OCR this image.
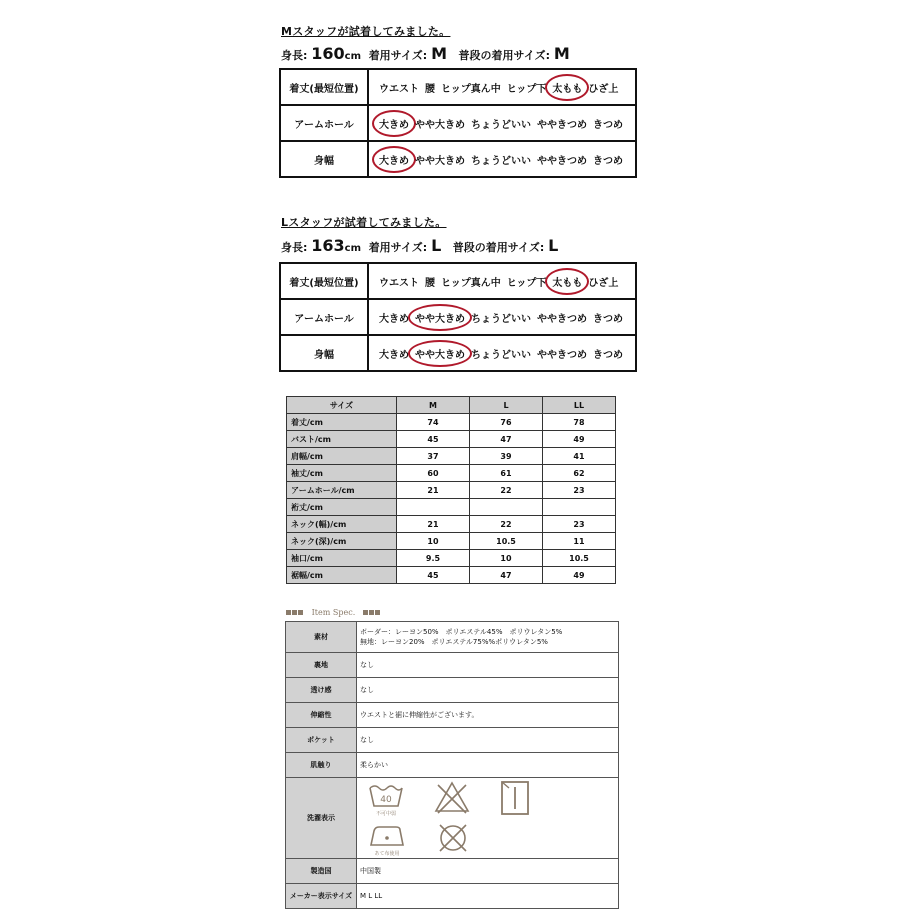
Mスタッフが試着してみました。
身長: 160cm 着用サイズ: M 普段の着用サイズ: M
着丈(最短位置)	ウエスト 腰 ヒップ真ん中 ヒップ下 太もも ひざ上
アームホール	大きめ やや大きめ ちょうどいい ややきつめ きつめ
身幅	大きめ やや大きめ ちょうどいい ややきつめ きつめ
Lスタッフが試着してみました。
身長: 163cm 着用サイズ: L 普段の着用サイズ: L
着丈(最短位置)	ウエスト 腰 ヒップ真ん中 ヒップ下 太もも ひざ上
アームホール	大きめ やや大きめ ちょうどいい ややきつめ きつめ
身幅	大きめ やや大きめ ちょうどいい ややきつめ きつめ
サイズ	M	L	LL
着丈/cm	74	76	78
バスト/cm	45	47	49
肩幅/cm	37	39	41
袖丈/cm	60	61	62
アームホール/cm	21	22	23
裄丈/cm			
ネック(幅)/cm	21	22	23
ネック(深)/cm	10	10.5	11
袖口/cm	9.5	10	10.5
裾幅/cm	45	47	49
Item Spec.
素材	ボーダー：レーヨン50%　ポリエステル45%　ポリウレタン5%
無地：レーヨン20%　ポリエステル75%%ポリウレタン5%

裏地	なし
透け感	なし
伸縮性	ウエストと裾に伸縮性がございます。
ポケット	なし
肌触り	柔らかい
洗濯表示	40
不可中弱

あて布使用

製造国	中国製
メーカー表示サイズ	M L LL
